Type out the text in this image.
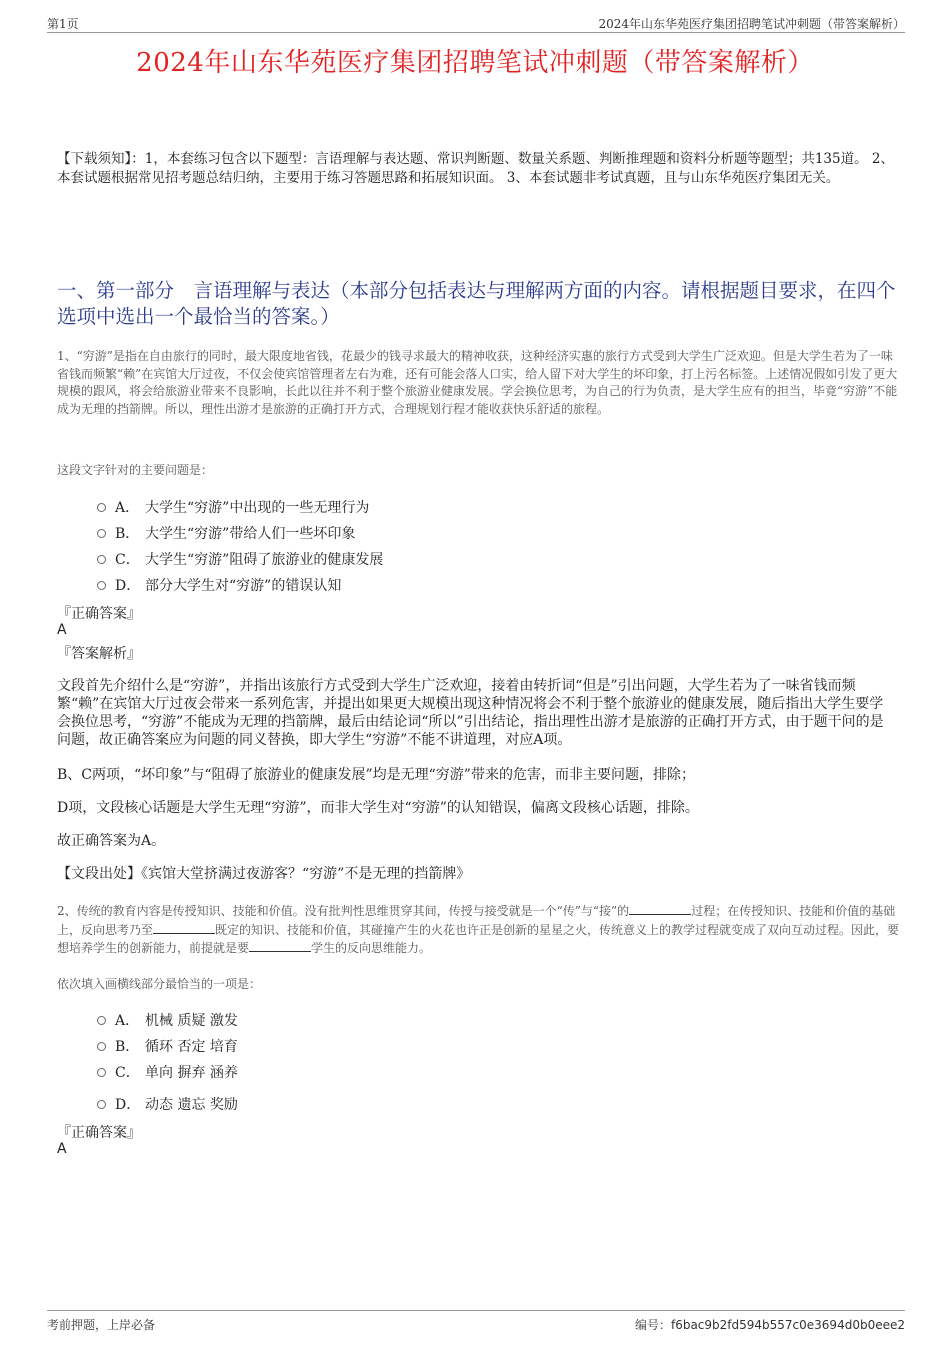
第1页	2024年山东华苑医疗集团招聘笔试冲刺题（带答案解析）
2024年山东华苑医疗集团招聘笔试冲刺题（带答案解析）
【下载须知】：1，本套练习包含以下题型：言语理解与表达题、常识判断题、数量关系题、判断推理题和资料分析题等题型；共135道。 2、本套试题根据常见招考题总结归纳，主要用于练习答题思路和拓展知识面。 3、本套试题非考试真题，且与山东华苑医疗集团无关。
一、第一部分　言语理解与表达（本部分包括表达与理解两方面的内容。请根据题目要求，在四个选项中选出一个最恰当的答案。）
1、“穷游”是指在自由旅行的同时，最大限度地省钱，花最少的钱寻求最大的精神收获，这种经济实惠的旅行方式受到大学生广泛欢迎。但是大学生若为了一味省钱而频繁“赖”在宾馆大厅过夜，不仅会使宾馆管理者左右为难，还有可能会落人口实，给人留下对大学生的坏印象，打上污名标签。上述情况假如引发了更大规模的跟风，将会给旅游业带来不良影响，长此以往并不利于整个旅游业健康发展。学会换位思考，为自己的行为负责，是大学生应有的担当，毕竟“穷游”不能成为无理的挡箭牌。所以，理性出游才是旅游的正确打开方式，合理规划行程才能收获快乐舒适的旅程。
这段文字针对的主要问题是：
A． 大学生“穷游”中出现的一些无理行为
B． 大学生“穷游”带给人们一些坏印象
C． 大学生“穷游”阻碍了旅游业的健康发展
D． 部分大学生对“穷游”的错误认知
『正确答案』
A
『答案解析』
文段首先介绍什么是“穷游”，并指出该旅行方式受到大学生广泛欢迎，接着由转折词“但是”引出问题，大学生若为了一味省钱而频繁“赖”在宾馆大厅过夜会带来一系列危害，并提出如果更大规模出现这种情况将会不利于整个旅游业的健康发展，随后指出大学生要学会换位思考，“穷游”不能成为无理的挡箭牌，最后由结论词“所以”引出结论，指出理性出游才是旅游的正确打开方式，由于题干问的是问题，故正确答案应为问题的同义替换，即大学生“穷游”不能不讲道理，对应A项。
B、C两项，“坏印象”与“阻碍了旅游业的健康发展”均是无理“穷游”带来的危害，而非主要问题，排除；
D项，文段核心话题是大学生无理“穷游”，而非大学生对“穷游”的认知错误，偏离文段核心话题，排除。
故正确答案为A。
【文段出处】《宾馆大堂挤满过夜游客？“穷游”不是无理的挡箭牌》
2、传统的教育内容是传授知识、技能和价值。没有批判性思维贯穿其间，传授与接受就是一个“传”与“接”的	过程；在传授知识、技能和价值的基础上，反向思考乃至	既定的知识、技能和价值，其碰撞产生的火花也许正是创新的星星之火，传统意义上的教学过程就变成了双向互动过程。因此，要想培养学生的创新能力，前提就是要	学生的反向思维能力。
依次填入画横线部分最恰当的一项是：
A． 机械 质疑 激发
B． 循环 否定 培育
C． 单向 摒弃 涵养
D． 动态 遗忘 奖励
『正确答案』
A
考前押题，上岸必备	编号：f6bac9b2fd594b557c0e3694d0b0eee2
